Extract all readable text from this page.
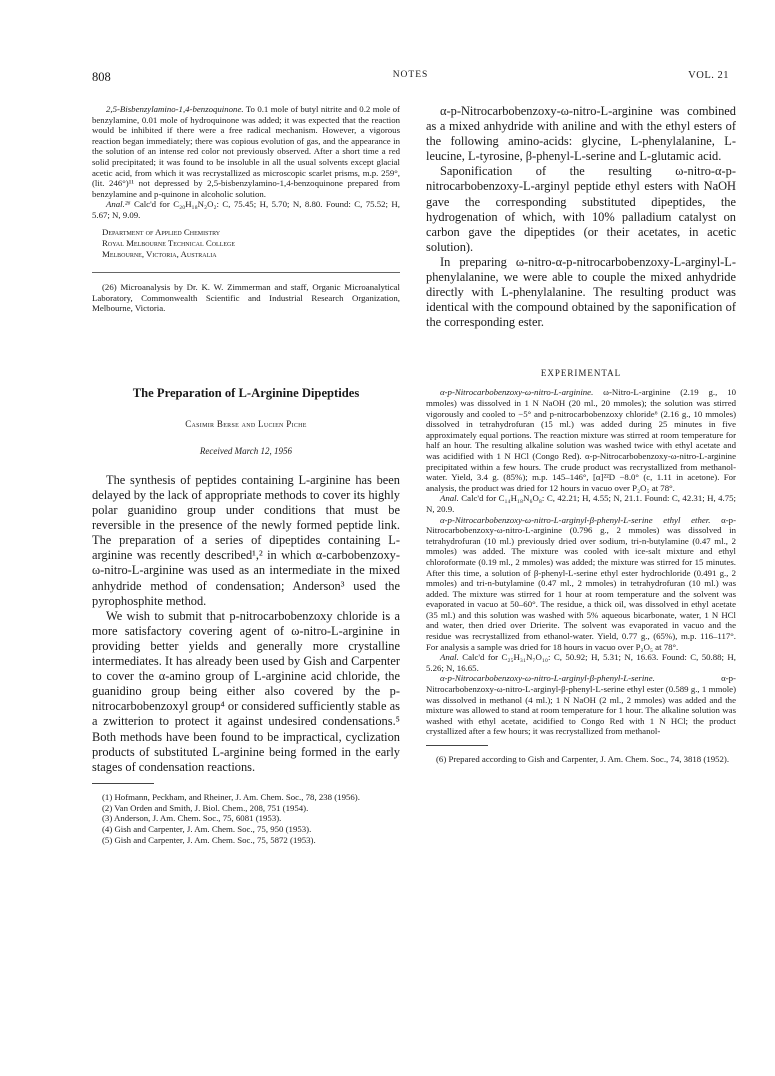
808	NOTES	VOL. 21

2,5-Bisbenzylamino-1,4-benzoquinone. To 0.1 mole of butyl nitrite and 0.2 mole of benzylamine, 0.01 mole of hydroquinone was added; it was expected that the reaction would be inhibited if there were a free radical mechanism. However, a vigorous reaction began immediately; there was copious evolution of gas, and the appearance in the solution of an intense red color not previously observed. After a short time a red solid precipitated; it was found to be insoluble in all the usual solvents except glacial acetic acid, from which it was recrystallized as microscopic scarlet prisms, m.p. 259°, (lit. 246°)¹¹ not depressed by 2,5-bisbenzylamino-1,4-benzoquinone prepared from benzylamine and p-quinone in alcoholic solution.

Anal.²⁶ Calc'd for C₂₀H₁₈N₂O₂: C, 75.45; H, 5.70; N, 8.80. Found: C, 75.52; H, 5.67; N, 9.09.

Department of Applied Chemistry
Royal Melbourne Technical College
Melbourne, Victoria, Australia

(26) Microanalysis by Dr. K. W. Zimmerman and staff, Organic Microanalytical Laboratory, Commonwealth Scientific and Industrial Research Organization, Melbourne, Victoria.

The Preparation of L-Arginine Dipeptides
Casimir Berse and Lucien Piche
Received March 12, 1956

The synthesis of peptides containing L-arginine has been delayed by the lack of appropriate methods to cover its highly polar guanidino group under conditions that must be reversible in the presence of the newly formed peptide link. The preparation of a series of dipeptides containing L-arginine was recently described¹,² in which α-carbobenzoxy-ω-nitro-L-arginine was used as an intermediate in the mixed anhydride method of condensation; Anderson³ used the pyrophosphite method.

We wish to submit that p-nitrocarbobenzoxy chloride is a more satisfactory covering agent of ω-nitro-L-arginine in providing better yields and generally more crystalline intermediates. It has already been used by Gish and Carpenter to cover the α-amino group of L-arginine acid chloride, the guanidino group being either also covered by the p-nitrocarbobenzoxyl group⁴ or considered sufficiently stable as a zwitterion to protect it against undesired condensations.⁵ Both methods have been found to be impractical, cyclization products of substituted L-arginine being formed in the early stages of condensation reactions.

(1) Hofmann, Peckham, and Rheiner, J. Am. Chem. Soc., 78, 238 (1956).

(2) Van Orden and Smith, J. Biol. Chem., 208, 751 (1954).

(3) Anderson, J. Am. Chem. Soc., 75, 6081 (1953).

(4) Gish and Carpenter, J. Am. Chem. Soc., 75, 950 (1953).

(5) Gish and Carpenter, J. Am. Chem. Soc., 75, 5872 (1953).

α-p-Nitrocarbobenzoxy-ω-nitro-L-arginine was combined as a mixed anhydride with aniline and with the ethyl esters of the following amino-acids: glycine, L-phenylalanine, L-leucine, L-tyrosine, β-phenyl-L-serine and L-glutamic acid.

Saponification of the resulting ω-nitro-α-p-nitrocarbobenzoxy-L-arginyl peptide ethyl esters with NaOH gave the corresponding substituted dipeptides, the hydrogenation of which, with 10% palladium catalyst on carbon gave the dipeptides (or their acetates, in acetic solution).

In preparing ω-nitro-α-p-nitrocarbobenzoxy-L-arginyl-L-phenylalanine, we were able to couple the mixed anhydride directly with L-phenylalanine. The resulting product was identical with the compound obtained by the saponification of the corresponding ester.

EXPERIMENTAL

α-p-Nitrocarbobenzoxy-ω-nitro-L-arginine. ω-Nitro-L-arginine (2.19 g., 10 mmoles) was dissolved in 1 N NaOH (20 ml., 20 mmoles); the solution was stirred vigorously and cooled to −5° and p-nitrocarbobenzoxy chloride⁶ (2.16 g., 10 mmoles) dissolved in tetrahydrofuran (15 ml.) was added during 25 minutes in five approximately equal portions. The reaction mixture was stirred at room temperature for half an hour. The resulting alkaline solution was washed twice with ethyl acetate and was acidified with 1 N HCl (Congo Red). α-p-Nitrocarbobenzoxy-ω-nitro-L-arginine precipitated within a few hours. The crude product was recrystallized from methanol-water. Yield, 3.4 g. (85%); m.p. 145–146°, [α]²²D −8.0° (c, 1.11 in acetone). For analysis, the product was dried for 12 hours in vacuo over P₂O₅ at 78°.

Anal. Calc'd for C₁₄H₁₈N₆O₈: C, 42.21; H, 4.55; N, 21.1. Found: C, 42.31; H, 4.75; N, 20.9.

α-p-Nitrocarbobenzoxy-ω-nitro-L-arginyl-β-phenyl-L-serine ethyl ether. α-p-Nitrocarbobenzoxy-ω-nitro-L-arginine (0.796 g., 2 mmoles) was dissolved in tetrahydrofuran (10 ml.) previously dried over sodium, tri-n-butylamine (0.47 ml., 2 mmoles) was added. The mixture was cooled with ice-salt mixture and ethyl chloroformate (0.19 ml., 2 mmoles) was added; the mixture was stirred for 15 minutes. After this time, a solution of β-phenyl-L-serine ethyl ester hydrochloride (0.491 g., 2 mmoles) and tri-n-butylamine (0.47 ml., 2 mmoles) in tetrahydrofuran (10 ml.) was added. The mixture was stirred for 1 hour at room temperature and the solvent was evaporated in vacuo at 50–60°. The residue, a thick oil, was dissolved in ethyl acetate (35 ml.) and this solution was washed with 5% aqueous bicarbonate, water, 1 N HCl and water, then dried over Drierite. The solvent was evaporated in vacuo and the residue was recrystallized from ethanol-water. Yield, 0.77 g., (65%), m.p. 116–117°. For analysis a sample was dried for 18 hours in vacuo over P₂O₅ at 78°.

Anal. Calc'd for C₂₅H₃₁N₇O₁₀: C, 50.92; H, 5.31; N, 16.63. Found: C, 50.88; H, 5.26; N, 16.65.

α-p-Nitrocarbobenzoxy-ω-nitro-L-arginyl-β-phenyl-L-serine. α-p-Nitrocarbobenzoxy-ω-nitro-L-arginyl-β-phenyl-L-serine ethyl ester (0.589 g., 1 mmole) was dissolved in methanol (4 ml.); 1 N NaOH (2 ml., 2 mmoles) was added and the mixture was allowed to stand at room temperature for 1 hour. The alkaline solution was washed with ethyl acetate, acidified to Congo Red with 1 N HCl; the product crystallized after a few hours; it was recrystallized from methanol-

(6) Prepared according to Gish and Carpenter, J. Am. Chem. Soc., 74, 3818 (1952).
